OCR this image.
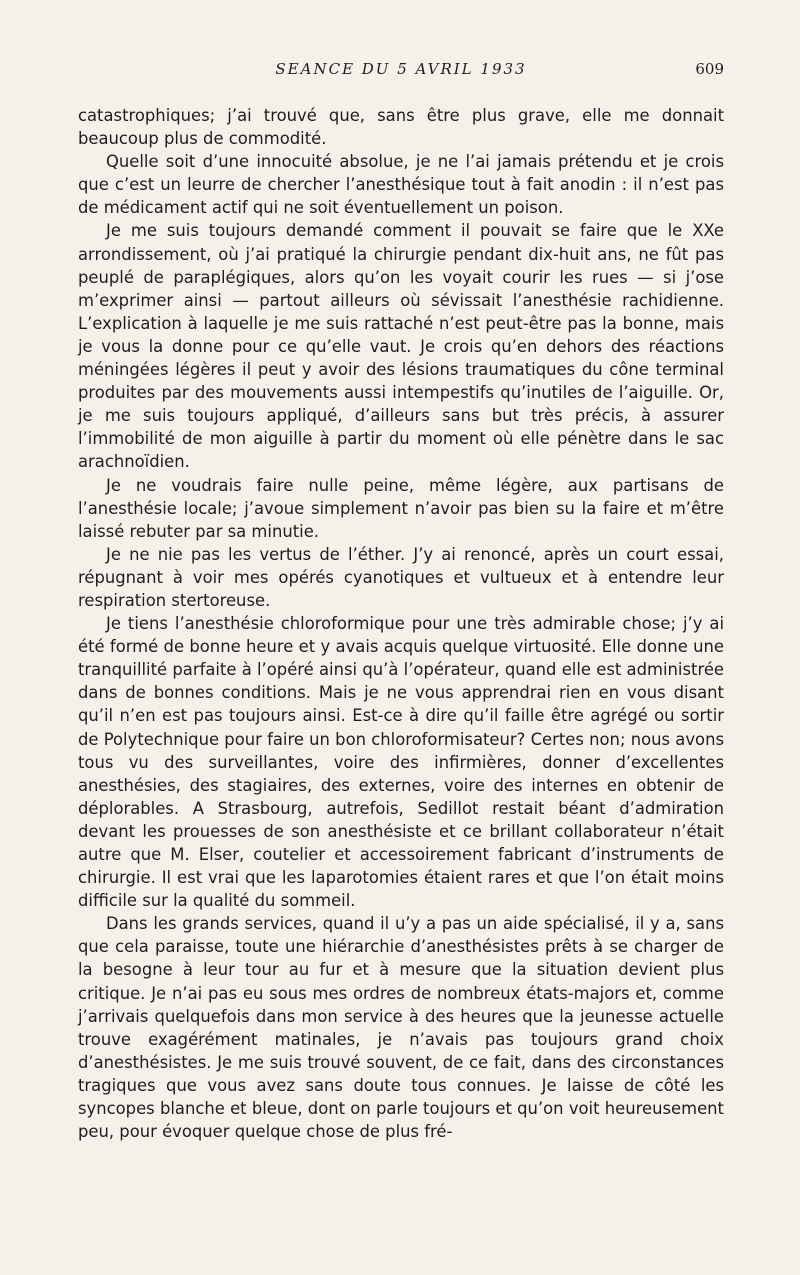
SEANCE DU 5 AVRIL 1933	609

catastrophiques; j’ai trouvé que, sans être plus grave, elle me donnait beaucoup plus de commodité.

Quelle soit d’une innocuité absolue, je ne l’ai jamais prétendu et je crois que c’est un leurre de chercher l’anesthésique tout à fait anodin : il n’est pas de médicament actif qui ne soit éventuellement un poison.

Je me suis toujours demandé comment il pouvait se faire que le XXe arrondissement, où j’ai pratiqué la chirurgie pendant dix-huit ans, ne fût pas peuplé de paraplégiques, alors qu’on les voyait courir les rues — si j’ose m’exprimer ainsi — partout ailleurs où sévissait l’anesthésie rachidienne. L’explication à laquelle je me suis rattaché n’est peut-être pas la bonne, mais je vous la donne pour ce qu’elle vaut. Je crois qu’en dehors des réactions méningées légères il peut y avoir des lésions traumatiques du cône terminal produites par des mouvements aussi intempestifs qu’inutiles de l’aiguille. Or, je me suis toujours appliqué, d’ailleurs sans but très précis, à assurer l’immobilité de mon aiguille à partir du moment où elle pénètre dans le sac arachnoïdien.

Je ne voudrais faire nulle peine, même légère, aux partisans de l’anesthésie locale; j’avoue simplement n’avoir pas bien su la faire et m’être laissé rebuter par sa minutie.

Je ne nie pas les vertus de l’éther. J’y ai renoncé, après un court essai, répugnant à voir mes opérés cyanotiques et vultueux et à entendre leur respiration stertoreuse.

Je tiens l’anesthésie chloroformique pour une très admirable chose; j’y ai été formé de bonne heure et y avais acquis quelque virtuosité. Elle donne une tranquillité parfaite à l’opéré ainsi qu’à l’opérateur, quand elle est administrée dans de bonnes conditions. Mais je ne vous apprendrai rien en vous disant qu’il n’en est pas toujours ainsi. Est-ce à dire qu’il faille être agrégé ou sortir de Polytechnique pour faire un bon chloroformisateur? Certes non; nous avons tous vu des surveillantes, voire des infirmières, donner d’excellentes anesthésies, des stagiaires, des externes, voire des internes en obtenir de déplorables. A Strasbourg, autrefois, Sedillot restait béant d’admiration devant les prouesses de son anesthésiste et ce brillant collaborateur n’était autre que M. Elser, coutelier et accessoirement fabricant d’instruments de chirurgie. Il est vrai que les laparotomies étaient rares et que l’on était moins difficile sur la qualité du sommeil.

Dans les grands services, quand il u’y a pas un aide spécialisé, il y a, sans que cela paraisse, toute une hiérarchie d’anesthésistes prêts à se charger de la besogne à leur tour au fur et à mesure que la situation devient plus critique. Je n’ai pas eu sous mes ordres de nombreux états-majors et, comme j’arrivais quelquefois dans mon service à des heures que la jeunesse actuelle trouve exagérément matinales, je n’avais pas toujours grand choix d’anesthésistes. Je me suis trouvé souvent, de ce fait, dans des circonstances tragiques que vous avez sans doute tous connues. Je laisse de côté les syncopes blanche et bleue, dont on parle toujours et qu’on voit heureusement peu, pour évoquer quelque chose de plus fré-
